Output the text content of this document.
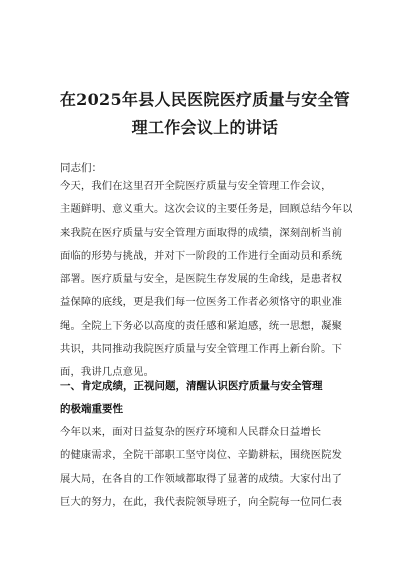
在2025年县人民医院医疗质量与安全管
理工作会议上的讲话
同志们：
今天，我们在这里召开全院医疗质量与安全管理工作会议，
主题鲜明、意义重大。这次会议的主要任务是，回顾总结今年以
来我院在医疗质量与安全管理方面取得的成绩，深刻剖析当前
面临的形势与挑战，并对下一阶段的工作进行全面动员和系统
部署。医疗质量与安全，是医院生存发展的生命线，是患者权
益保障的底线，更是我们每一位医务工作者必须恪守的职业准
绳。全院上下务必以高度的责任感和紧迫感，统一思想，凝聚
共识，共同推动我院医疗质量与安全管理工作再上新台阶。下
面，我讲几点意见。
一、肯定成绩，正视问题，清醒认识医疗质量与安全管理
的极端重要性
今年以来，面对日益复杂的医疗环境和人民群众日益增长
的健康需求，全院干部职工坚守岗位、辛勤耕耘，围绕医院发
展大局，在各自的工作领域都取得了显著的成绩。大家付出了
巨大的努力，在此，我代表院领导班子，向全院每一位同仁表
